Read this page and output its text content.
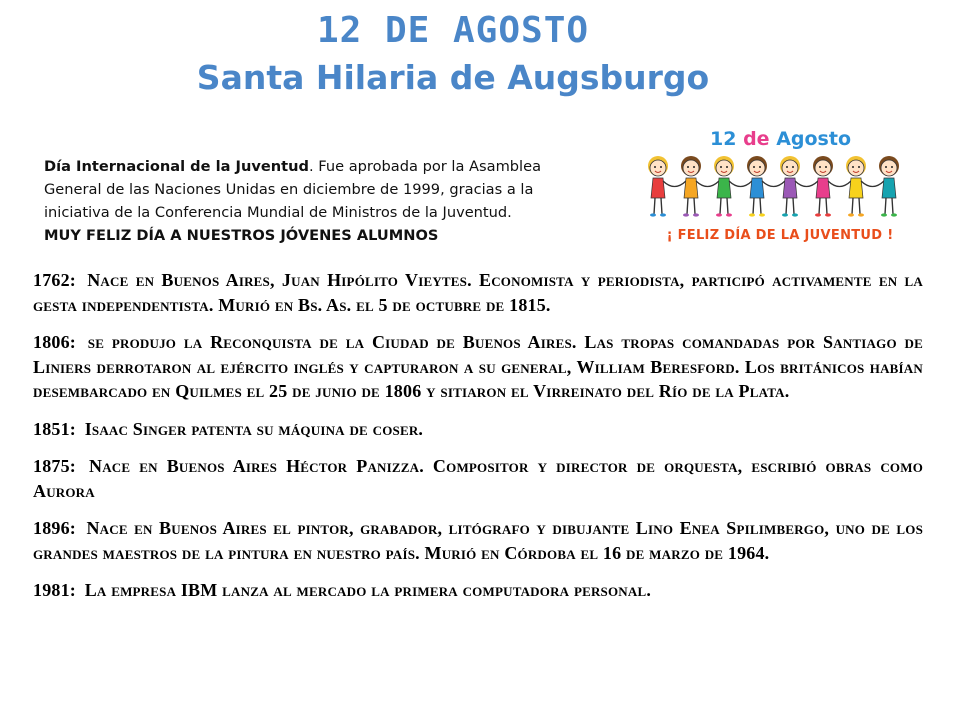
12 DE AGOSTO
Santa Hilaria de Augsburgo
Día Internacional de la Juventud. Fue aprobada por la Asamblea
General de las Naciones Unidas en diciembre de 1999, gracias a la
iniciativa de la Conferencia Mundial de Ministros de la Juventud.
MUY FELIZ DÍA A NUESTROS JÓVENES ALUMNOS
12 de Agosto
¡ FELIZ DÍA DE LA JUVENTUD !

1762: Nace en Buenos Aires, Juan Hipólito Vieytes. Economista y periodista, participó activamente en la gesta independentista. Murió en Bs. As. el 5 de octubre de 1815.

1806: se produjo la Reconquista de la Ciudad de Buenos Aires. Las tropas comandadas por Santiago de Liniers derrotaron al ejército inglés y capturaron a su general, William Beresford. Los británicos habían desembarcado en Quilmes el 25 de junio de 1806 y sitiaron el Virreinato del Río de la Plata.

1851: Isaac Singer patenta su máquina de coser.

1875: Nace en Buenos Aires Héctor Panizza. Compositor y director de orquesta, escribió obras como Aurora

1896: Nace en Buenos Aires el pintor, grabador, litógrafo y dibujante Lino Enea Spilimbergo, uno de los grandes maestros de la pintura en nuestro país. Murió en Córdoba el 16 de marzo de 1964.

1981: La empresa IBM lanza al mercado la primera computadora personal.
